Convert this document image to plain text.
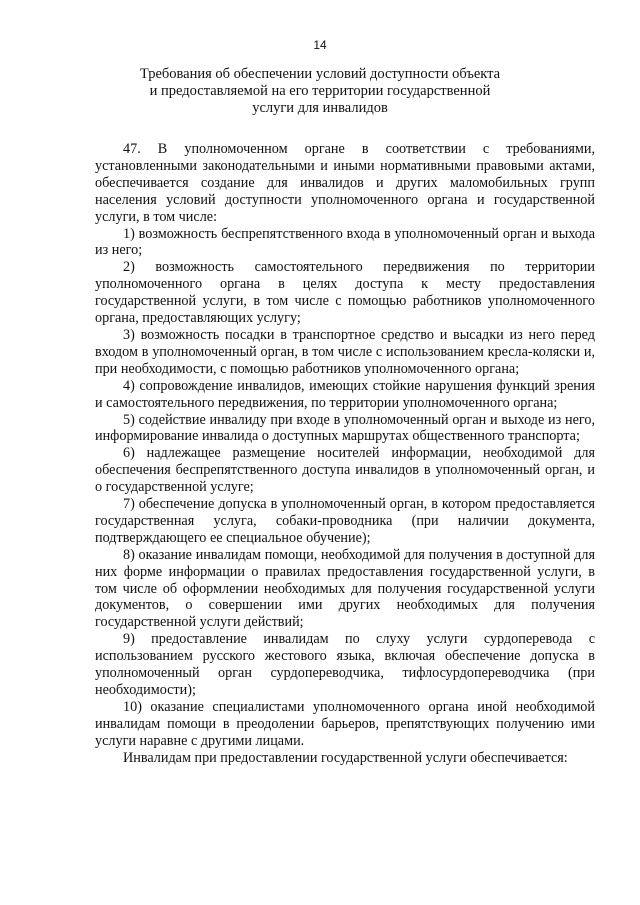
14
Требования об обеспечении условий доступности объекта
и предоставляемой на его территории государственной
услуги для инвалидов

47. В уполномоченном органе в соответствии с требованиями, установленными законодательными и иными нормативными правовыми актами, обеспечивается создание для инвалидов и других маломобильных групп населения условий доступности уполномоченного органа и государственной услуги, в том числе:

1) возможность беспрепятственного входа в уполномоченный орган и выхода из него;

2) возможность самостоятельного передвижения по территории уполномоченного органа в целях доступа к месту предоставления государственной услуги, в том числе с помощью работников уполномоченного органа, предоставляющих услугу;

3) возможность посадки в транспортное средство и высадки из него перед входом в уполномоченный орган, в том числе с использованием кресла-коляски и, при необходимости, с помощью работников уполномоченного органа;

4) сопровождение инвалидов, имеющих стойкие нарушения функций зрения и самостоятельного передвижения, по территории уполномоченного органа;

5) содействие инвалиду при входе в уполномоченный орган и выходе из него, информирование инвалида о доступных маршрутах общественного транспорта;

6) надлежащее размещение носителей информации, необходимой для обеспечения беспрепятственного доступа инвалидов в уполномоченный орган, и о государственной услуге;

7) обеспечение допуска в уполномоченный орган, в котором предоставляется государственная услуга, собаки-проводника (при наличии документа, подтверждающего ее специальное обучение);

8) оказание инвалидам помощи, необходимой для получения в доступной для них форме информации о правилах предоставления государственной услуги, в том числе об оформлении необходимых для получения государственной услуги документов, о совершении ими других необходимых для получения государственной услуги действий;

9) предоставление инвалидам по слуху услуги сурдоперевода с использованием русского жестового языка, включая обеспечение допуска в уполномоченный орган сурдопереводчика, тифлосурдопереводчика (при необходимости);

10) оказание специалистами уполномоченного органа иной необходимой инвалидам помощи в преодолении барьеров, препятствующих получению ими услуги наравне с другими лицами.

Инвалидам при предоставлении государственной услуги обеспечивается:
